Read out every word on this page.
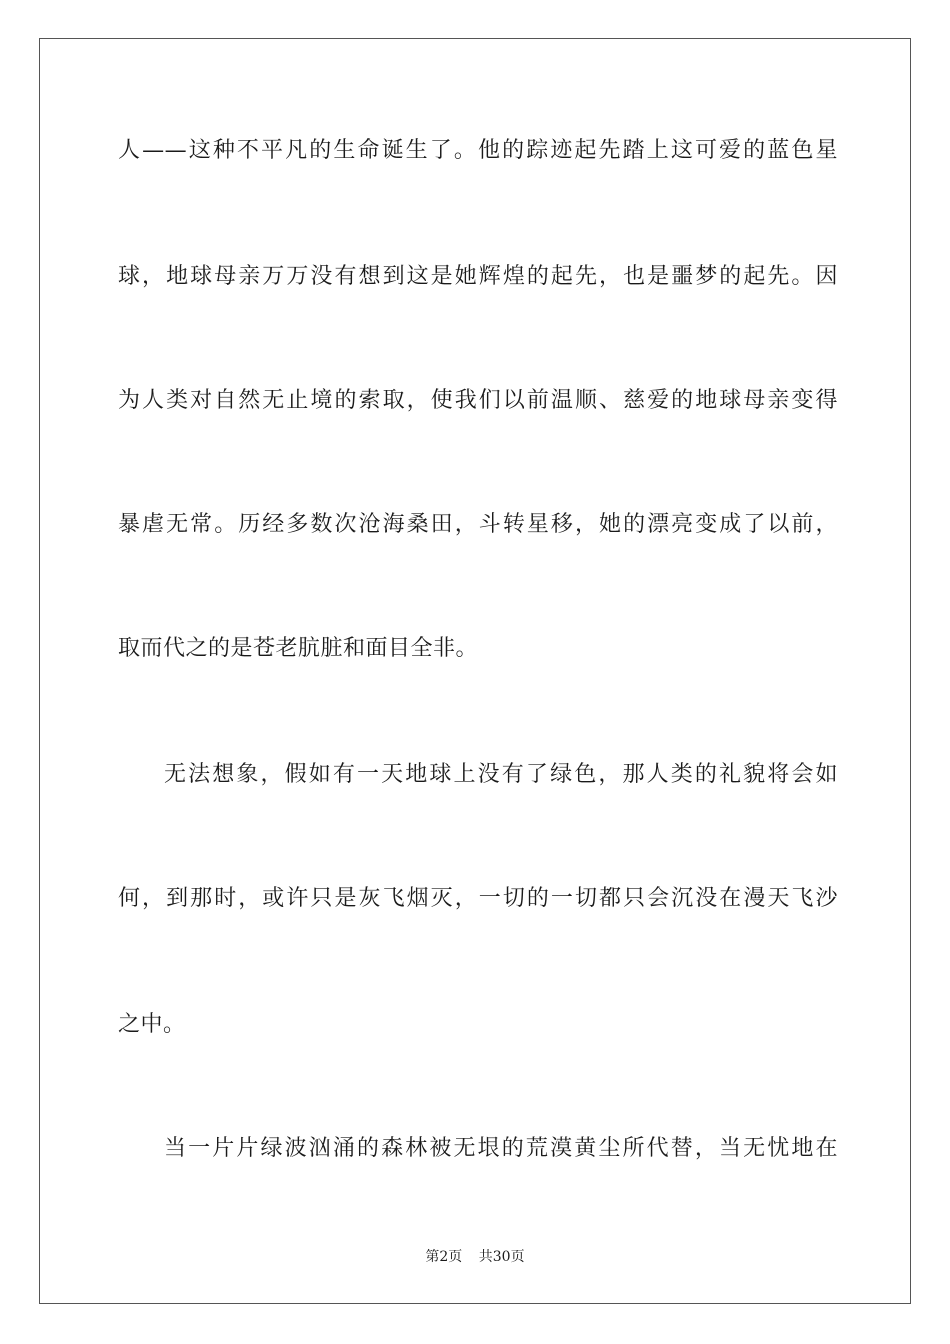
人——这种不平凡的生命诞生了。他的踪迹起先踏上这可爱的蓝色星
球，地球母亲万万没有想到这是她辉煌的起先，也是噩梦的起先。因
为人类对自然无止境的索取，使我们以前温顺、慈爱的地球母亲变得
暴虐无常。历经多数次沧海桑田，斗转星移，她的漂亮变成了以前，
取而代之的是苍老肮脏和面目全非。
无法想象，假如有一天地球上没有了绿色，那人类的礼貌将会如
何，到那时，或许只是灰飞烟灭，一切的一切都只会沉没在漫天飞沙
之中。
当一片片绿波汹涌的森林被无垠的荒漠黄尘所代替，当无忧地在
第2页 共30页
